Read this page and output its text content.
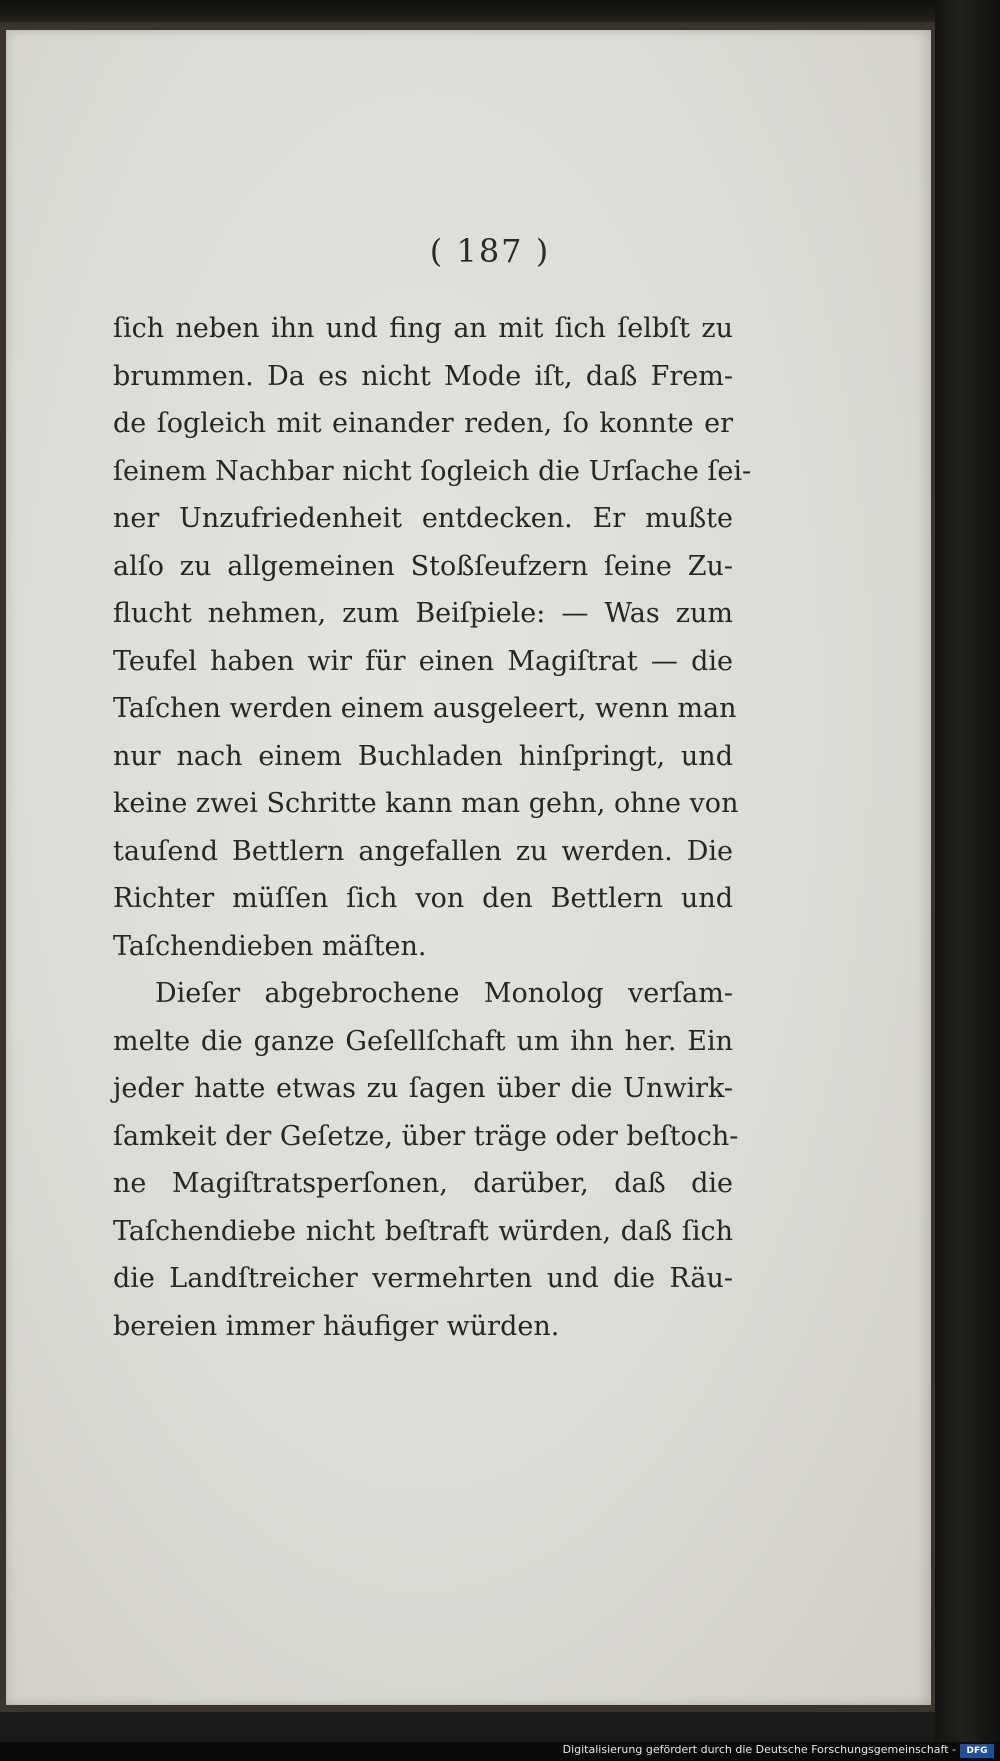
( 187 )
ſich neben ihn und fing an mit ſich ſelbſt zu
brummen. Da es nicht Mode iſt, daß Frem-
de ſogleich mit einander reden, ſo konnte er
ſeinem Nachbar nicht ſogleich die Urſache ſei-
ner Unzufriedenheit entdecken. Er mußte
alſo zu allgemeinen Stoßſeufzern ſeine Zu-
flucht nehmen, zum Beiſpiele: — Was zum
Teufel haben wir für einen Magiſtrat — die
Taſchen werden einem ausgeleert, wenn man
nur nach einem Buchladen hinſpringt, und
keine zwei Schritte kann man gehn, ohne von
tauſend Bettlern angefallen zu werden. Die
Richter müſſen ſich von den Bettlern und
Taſchendieben mäſten.
Dieſer abgebrochene Monolog verſam-
melte die ganze Geſellſchaft um ihn her. Ein
jeder hatte etwas zu ſagen über die Unwirk-
ſamkeit der Geſetze, über träge oder beſtoch-
ne Magiſtratsperſonen, darüber, daß die
Taſchendiebe nicht beſtraft würden, daß ſich
die Landſtreicher vermehrten und die Räu-
bereien immer häufiger würden.
Digitalisierung gefördert durch die Deutsche Forschungsgemeinschaft -	DFG
